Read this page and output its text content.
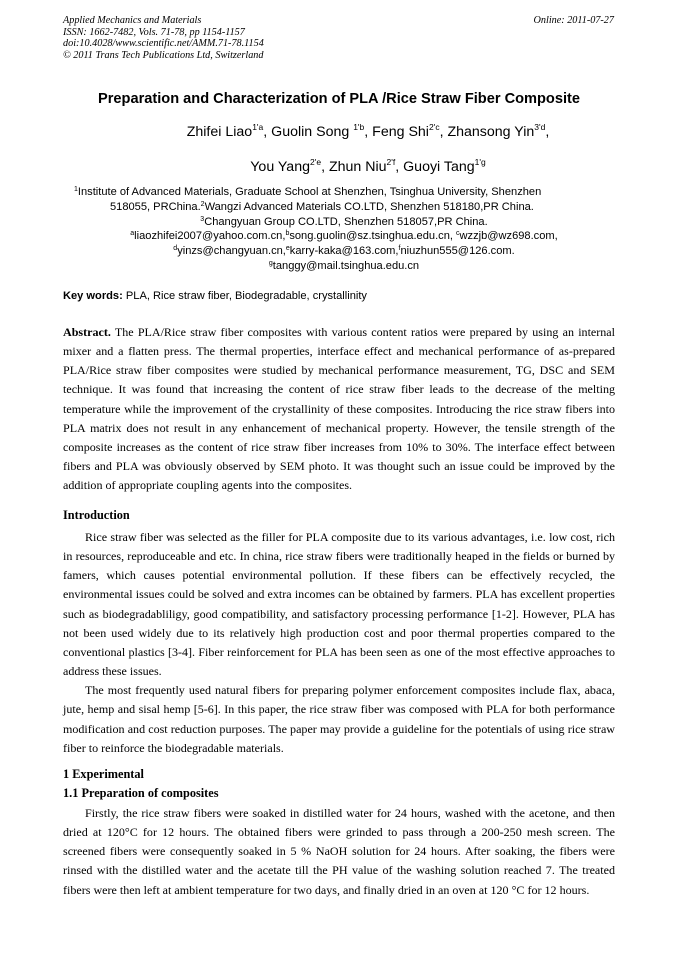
Applied Mechanics and Materials
ISSN: 1662-7482, Vols. 71-78, pp 1154-1157
doi:10.4028/www.scientific.net/AMM.71-78.1154
© 2011 Trans Tech Publications Ltd, Switzerland
Online: 2011-07-27
Preparation and Characterization of PLA /Rice Straw Fiber Composite
Zhifei Liao$^{1'a}$, Guolin Song $^{1'b}$, Feng Shi$^{2'c}$, Zhansong Yin$^{3'd}$,
You Yang$^{2'e}$, Zhun Niu$^{2'f}$, Guoyi Tang$^{1'g}$
$^1$Institute of Advanced Materials, Graduate School at Shenzhen, Tsinghua University, Shenzhen
518055, PRChina.$^2$Wangzi Advanced Materials CO.LTD, Shenzhen 518180,PR China.
$^3$Changyuan Group CO.LTD, Shenzhen 518057,PR China.
$^a$liaozhifei2007@yahoo.com.cn,$^b$song.guolin@sz.tsinghua.edu.cn, $^c$wzzjb@wz698.com,
$^d$yinzs@changyuan.cn,$^e$karry-kaka@163.com,$^f$niuzhun555@126.com.
$^g$tanggy@mail.tsinghua.edu.cn
Key words: PLA, Rice straw fiber, Biodegradable, crystallinity

Abstract. The PLA/Rice straw fiber composites with various content ratios were prepared by using an internal mixer and a flatten press. The thermal properties, interface effect and mechanical performance of as-prepared PLA/Rice straw fiber composites were studied by mechanical performance measurement, TG, DSC and SEM technique. It was found that increasing the content of rice straw fiber leads to the decrease of the melting temperature while the improvement of the crystallinity of these composites. Introducing the rice straw fibers into PLA matrix does not result in any enhancement of mechanical property. However, the tensile strength of the composite increases as the content of rice straw fiber increases from 10% to 30%. The interface effect between fibers and PLA was obviously observed by SEM photo. It was thought such an issue could be improved by the addition of appropriate coupling agents into the composites.

Introduction

Rice straw fiber was selected as the filler for PLA composite due to its various advantages, i.e. low cost, rich in resources, reproduceable and etc. In china, rice straw fibers were traditionally heaped in the fields or burned by famers, which causes potential environmental pollution. If these fibers can be effectively recycled, the environmental issues could be solved and extra incomes can be obtained by farmers. PLA has excellent properties such as biodegradabliligy, good compatibility, and satisfactory processing performance [1-2]. However, PLA has not been used widely due to its relatively high production cost and poor thermal properties compared to the conventional plastics [3-4]. Fiber reinforcement for PLA has been seen as one of the most effective approaches to address these issues.

The most frequently used natural fibers for preparing polymer enforcement composites include flax, abaca, jute, hemp and sisal hemp [5-6]. In this paper, the rice straw fiber was composed with PLA for both performance modification and cost reduction purposes. The paper may provide a guideline for the potentials of using rice straw fiber to reinforce the biodegradable materials.

1 Experimental
1.1 Preparation of composites

Firstly, the rice straw fibers were soaked in distilled water for 24 hours, washed with the acetone, and then dried at 120°C for 12 hours. The obtained fibers were grinded to pass through a 200-250 mesh screen. The screened fibers were consequently soaked in 5 % NaOH solution for 24 hours. After soaking, the fibers were rinsed with the distilled water and the acetate till the PH value of the washing solution reached 7. The treated fibers were then left at ambient temperature for two days, and finally dried in an oven at 120 °C for 12 hours.
